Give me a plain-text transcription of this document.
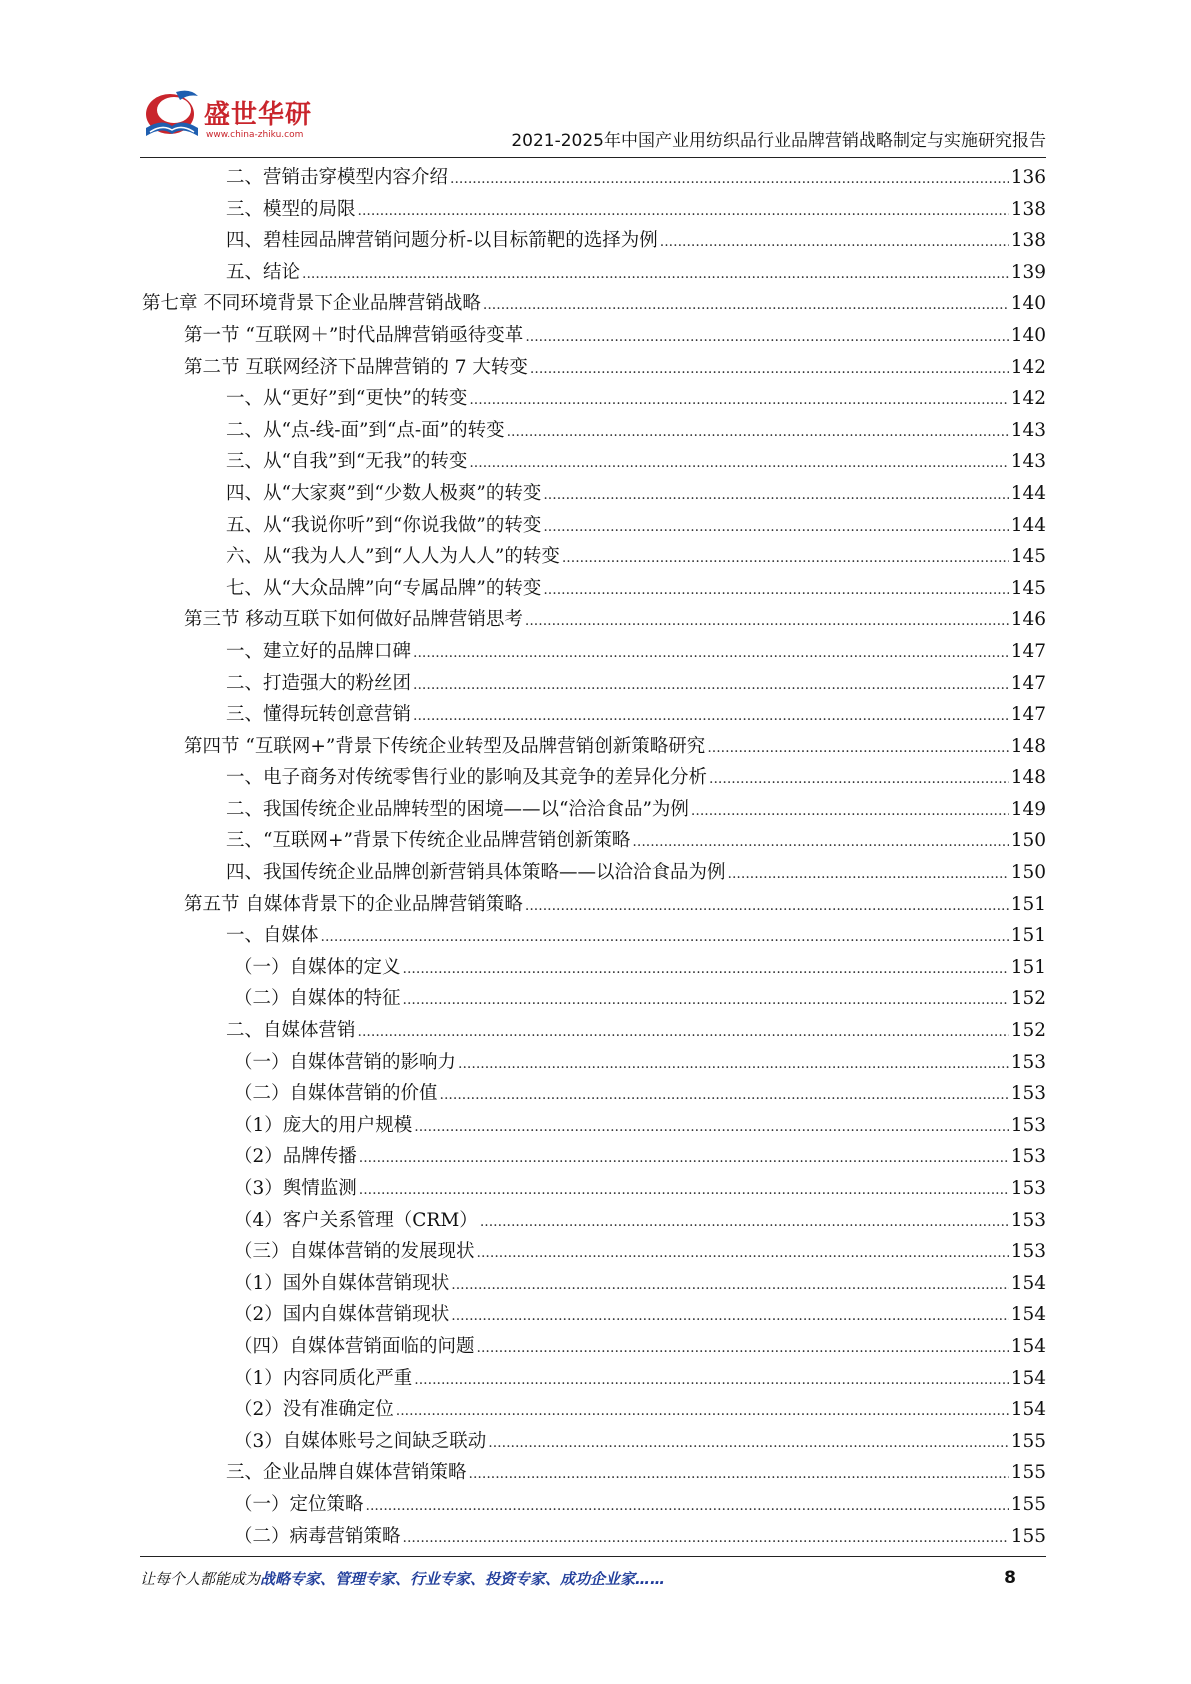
盛世华研
www.china-zhiku.com	2021-2025年中国产业用纺织品行业品牌营销战略制定与实施研究报告
二、营销击穿模型内容介绍 .....	136
三、模型的局限 .....	138
四、碧桂园品牌营销问题分析-以目标箭靶的选择为例 .....	138
五、结论 .....	139
第七章 不同环境背景下企业品牌营销战略 .....	140
第一节 “互联网＋”时代品牌营销亟待变革 .....	140
第二节 互联网经济下品牌营销的 7 大转变 .....	142
一、从“更好”到“更快”的转变 .....	142
二、从“点-线-面”到“点-面”的转变 .....	143
三、从“自我”到“无我”的转变 .....	143
四、从“大家爽”到“少数人极爽”的转变 .....	144
五、从“我说你听”到“你说我做”的转变 .....	144
六、从“我为人人”到“人人为人人”的转变 .....	145
七、从“大众品牌”向“专属品牌”的转变 .....	145
第三节 移动互联下如何做好品牌营销思考 .....	146
一、建立好的品牌口碑 .....	147
二、打造强大的粉丝团 .....	147
三、懂得玩转创意营销 .....	147
第四节 “互联网+”背景下传统企业转型及品牌营销创新策略研究 .....	148
一、电子商务对传统零售行业的影响及其竞争的差异化分析 .....	148
二、我国传统企业品牌转型的困境——以“洽洽食品”为例 .....	149
三、“互联网+”背景下传统企业品牌营销创新策略 .....	150
四、我国传统企业品牌创新营销具体策略——以洽洽食品为例 .....	150
第五节 自媒体背景下的企业品牌营销策略 .....	151
一、自媒体 .....	151
（一）自媒体的定义 .....	151
（二）自媒体的特征 .....	152
二、自媒体营销 .....	152
（一）自媒体营销的影响力 .....	153
（二）自媒体营销的价值 .....	153
（1）庞大的用户规模 .....	153
（2）品牌传播 .....	153
（3）舆情监测 .....	153
（4）客户关系管理（CRM） .....	153
（三）自媒体营销的发展现状 .....	153
（1）国外自媒体营销现状 .....	154
（2）国内自媒体营销现状 .....	154
（四）自媒体营销面临的问题 .....	154
（1）内容同质化严重 .....	154
（2）没有准确定位 .....	154
（3）自媒体账号之间缺乏联动 .....	155
三、企业品牌自媒体营销策略 .....	155
（一）定位策略 .....	155
（二）病毒营销策略 .....	155
让每个人都能成为战略专家、管理专家、行业专家、投资专家、成功企业家……	8
